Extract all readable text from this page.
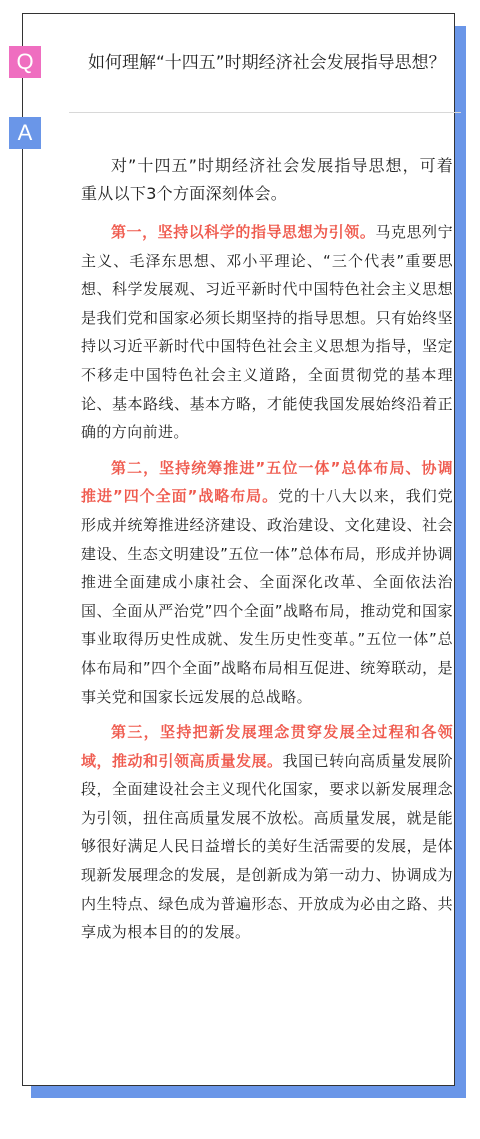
如何理解“十四五”时期经济社会发展指导思想？

对”十四五”时期经济社会发展指导思想，可着重从以下3个方面深刻体会。

第一，坚持以科学的指导思想为引领。马克思列宁主义、毛泽东思想、邓小平理论、“三个代表”重要思想、科学发展观、习近平新时代中国特色社会主义思想是我们党和国家必须长期坚持的指导思想。只有始终坚持以习近平新时代中国特色社会主义思想为指导，坚定不移走中国特色社会主义道路，全面贯彻党的基本理论、基本路线、基本方略，才能使我国发展始终沿着正确的方向前进。

第二，坚持统筹推进”五位一体”总体布局、协调推进”四个全面”战略布局。党的十八大以来，我们党形成并统筹推进经济建设、政治建设、文化建设、社会建设、生态文明建设”五位一体”总体布局，形成并协调推进全面建成小康社会、全面深化改革、全面依法治国、全面从严治党”四个全面”战略布局，推动党和国家事业取得历史性成就、发生历史性变革。”五位一体”总体布局和”四个全面”战略布局相互促进、统筹联动，是事关党和国家长远发展的总战略。

第三，坚持把新发展理念贯穿发展全过程和各领域，推动和引领高质量发展。我国已转向高质量发展阶段，全面建设社会主义现代化国家，要求以新发展理念为引领，扭住高质量发展不放松。高质量发展，就是能够很好满足人民日益增长的美好生活需要的发展，是体现新发展理念的发展，是创新成为第一动力、协调成为内生特点、绿色成为普遍形态、开放成为必由之路、共享成为根本目的的发展。

Q
A
